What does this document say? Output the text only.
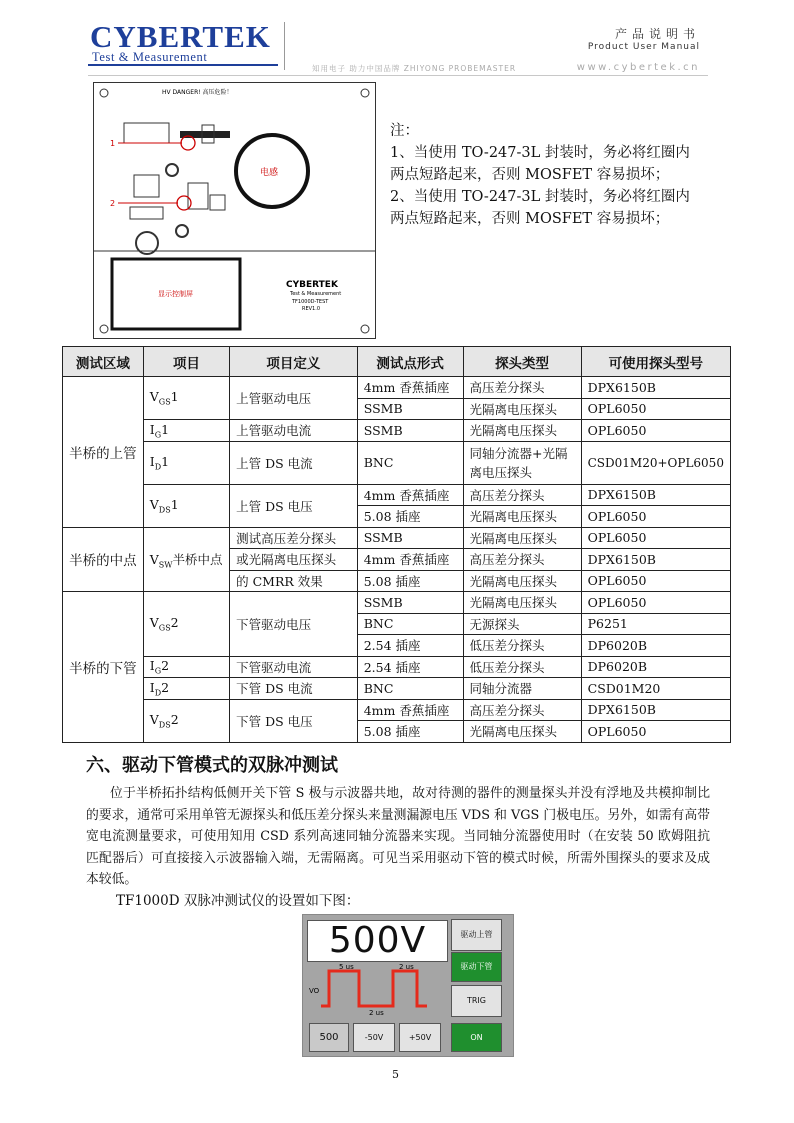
CYBERTEK
Test & Measurement
产品说明书
Product User Manual
知用电子 助力中国品牌 ZHIYONG PROBEMASTER	www.cybertek.cn
HV DANGER! 高压危险！
1
2
电感
显示控制屏
CYBERTEK
Test & Measurement
TF1000D-TEST
REV1.0
注：
1、当使用 TO-247-3L 封装时，务必将红圈内
两点短路起来，否则 MOSFET 容易损坏；
2、当使用 TO-247-3L 封装时，务必将红圈内
两点短路起来，否则 MOSFET 容易损坏；
测试区域	项目	项目定义	测试点形式	探头类型	可使用探头型号
半桥的上管	$V_{GS}1$	上管驱动电压	4mm 香蕉插座	高压差分探头	DPX6150B
			SSMB	光隔离电压探头	OPL6050
	$I_G1$	上管驱动电流	SSMB	光隔离电压探头	OPL6050
	$I_D1$	上管 DS 电流	BNC	同轴分流器+光隔离电压探头	CSD01M20+OPL6050
	$V_{DS}1$	上管 DS 电压	4mm 香蕉插座	高压差分探头	DPX6150B
			5.08 插座	光隔离电压探头	OPL6050
半桥的中点	$V_{SW}$半桥中点	测试高压差分探头	SSMB	光隔离电压探头	OPL6050
		或光隔离电压探头	4mm 香蕉插座	高压差分探头	DPX6150B
		的 CMRR 效果	5.08 插座	光隔离电压探头	OPL6050
半桥的下管	$V_{GS}2$	下管驱动电压	SSMB	光隔离电压探头	OPL6050
			BNC	无源探头	P6251
			2.54 插座	低压差分探头	DP6020B
	$I_G2$	下管驱动电流	2.54 插座	低压差分探头	DP6020B
	$I_D2$	下管 DS 电流	BNC	同轴分流器	CSD01M20
	$V_{DS}2$	下管 DS 电压	4mm 香蕉插座	高压差分探头	DPX6150B
			5.08 插座	光隔离电压探头	OPL6050
六、驱动下管模式的双脉冲测试
位于半桥拓扑结构低侧开关下管 S 极与示波器共地，故对待测的器件的测量探头并没有浮地及共模抑制比的要求，通常可采用单管无源探头和低压差分探头来量测漏源电压 VDS 和 VGS 门极电压。另外，如需有高带宽电流测量要求，可使用知用 CSD 系列高速同轴分流器来实现。当同轴分流器使用时（在安装 50 欧姆阻抗匹配器后）可直接接入示波器输入端，无需隔离。可见当采用驱动下管的模式时候，所需外围探头的要求及成本较低。
TF1000D 双脉冲测试仪的设置如下图：
500V	驱动上管
驱动下管
TRIG
VO
5 us	2 us
2 us
500	-50V	+50V	ON
5
